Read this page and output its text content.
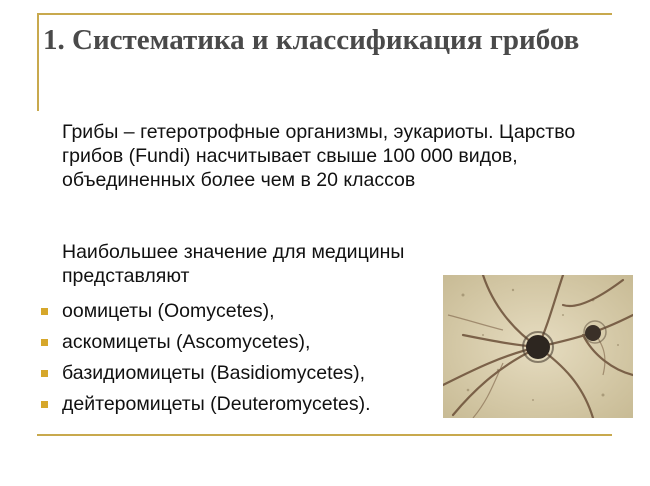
1. Систематика и классификация грибов

Грибы – гетеротрофные организмы, эукариоты. Царство грибов (Fundi) насчитывает свыше 100 000 видов, объединенных более чем в 20 классов

Наибольшее значение для медицины представляют

оомицеты (Oomycetes),
аскомицеты (Ascomycetes),
базидиомицеты (Basidiomycetes),
дейтеромицеты (Deuteromycetes).
